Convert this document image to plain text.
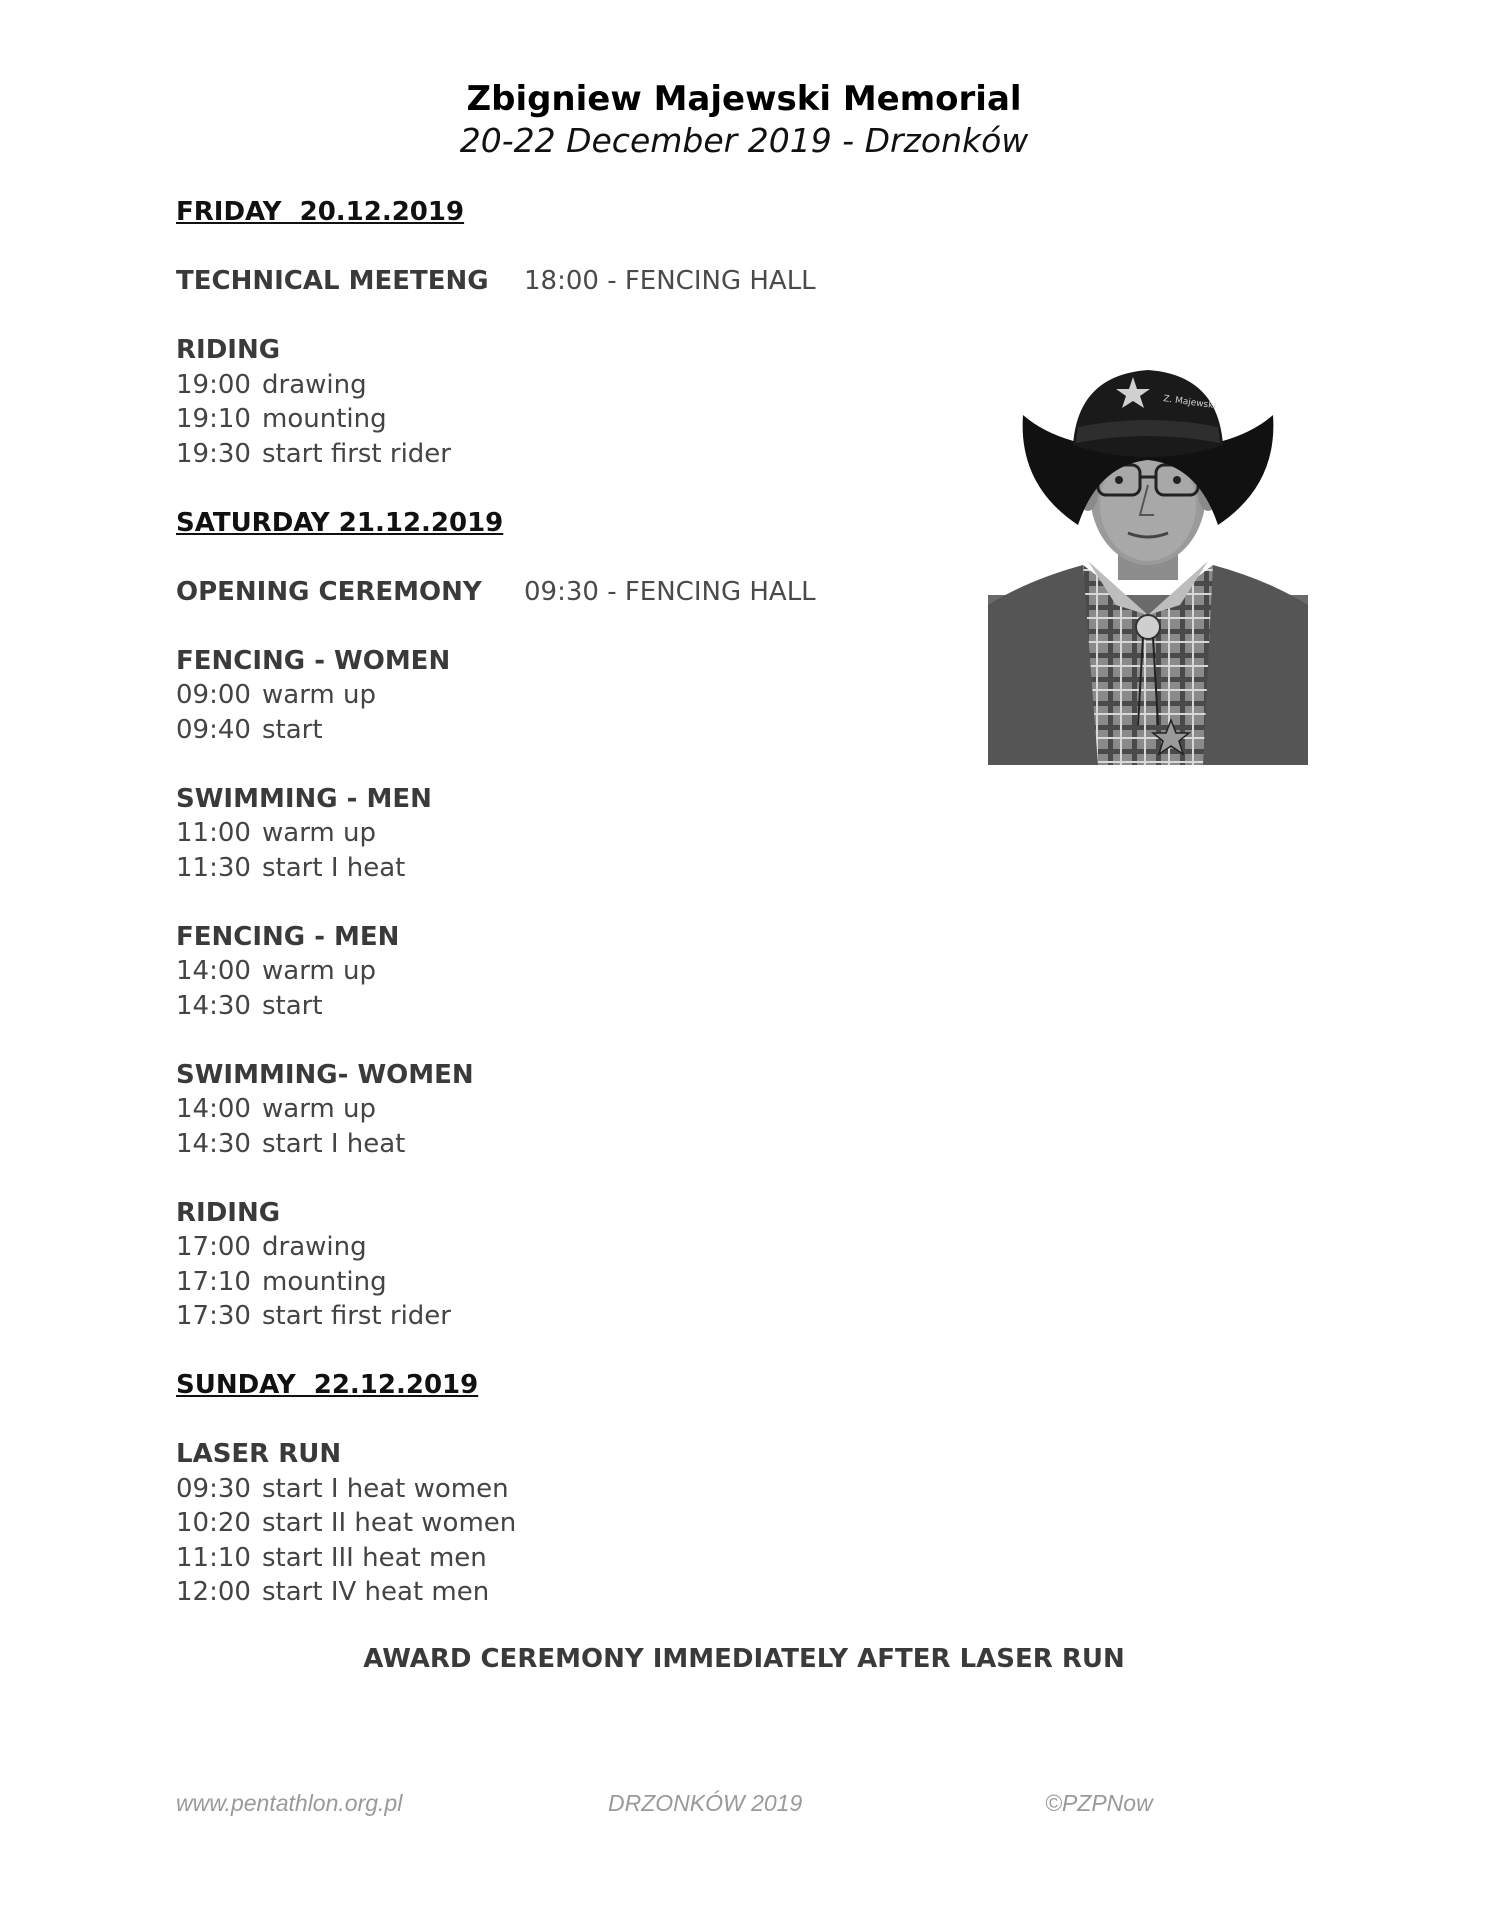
Zbigniew Majewski Memorial
20-22 December 2019 - Drzonków
FRIDAY  20.12.2019
TECHNICAL MEETENG	18:00 - FENCING HALL
RIDING
19:00 drawing
19:10 mounting
19:30 start first rider
SATURDAY 21.12.2019
OPENING CEREMONY	09:30 - FENCING HALL
FENCING - WOMEN
09:00 warm up
09:40 start
SWIMMING - MEN
11:00 warm up
11:30 start I heat
FENCING - MEN
14:00 warm up
14:30 start
SWIMMING- WOMEN
14:00 warm up
14:30 start I heat
RIDING
17:00 drawing
17:10 mounting
17:30 start first rider
SUNDAY  22.12.2019
LASER RUN
09:30 start I heat women
10:20 start II heat women
11:10 start III heat men
12:00 start IV heat men
AWARD CEREMONY IMMEDIATELY AFTER LASER RUN
Z. Majewski
www.pentathlon.org.pl	DRZONKÓW 2019	©PZPNow
